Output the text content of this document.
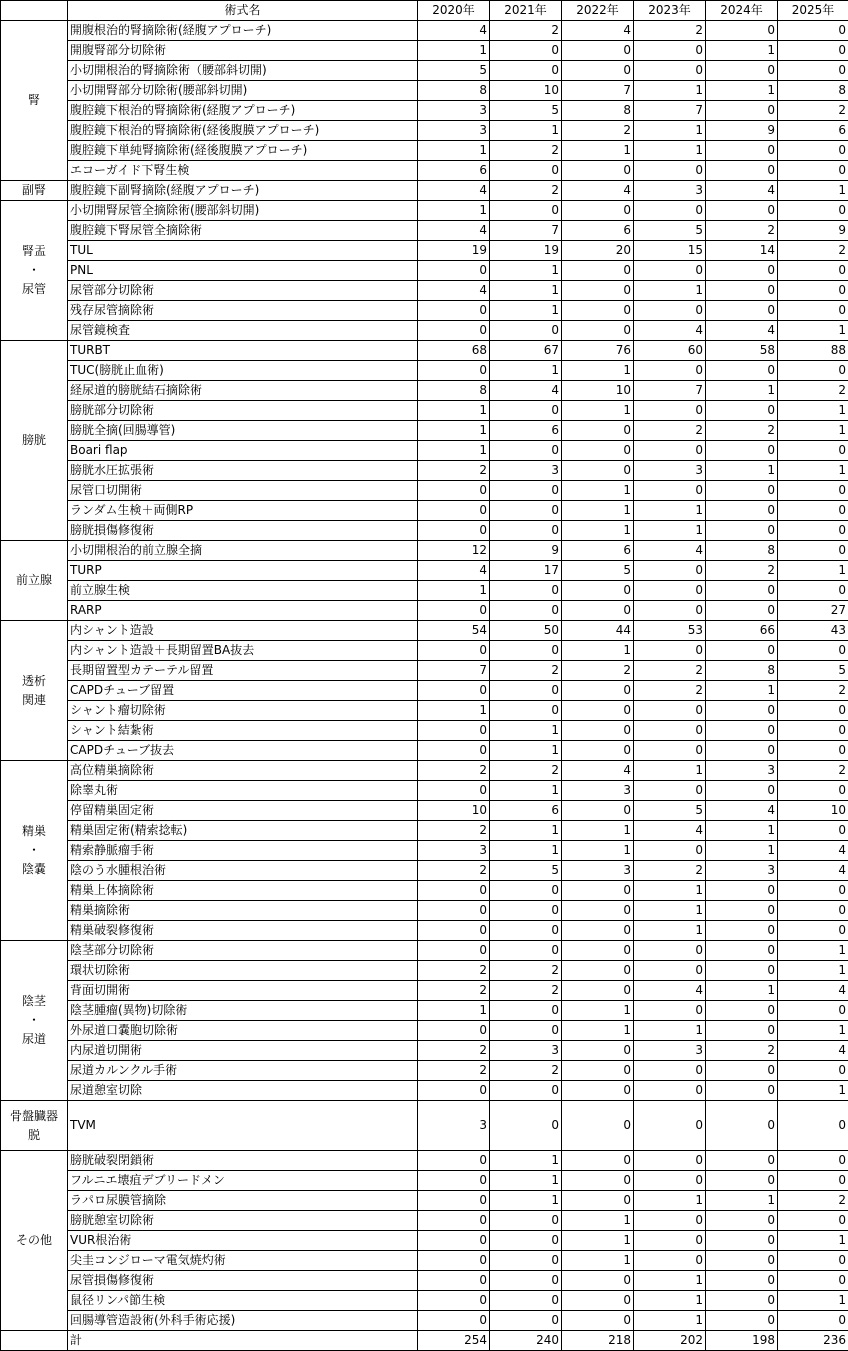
	術式名	2020年	2021年	2022年	2023年	2024年	2025年
腎	開腹根治的腎摘除術(経腹アプローチ)	4	2	4	2	0	0
	開腹腎部分切除術	1	0	0	0	1	0
	小切開根治的腎摘除術（腰部斜切開)	5	0	0	0	0	0
	小切開腎部分切除術(腰部斜切開)	8	10	7	1	1	8
	腹腔鏡下根治的腎摘除術(経腹アプローチ)	3	5	8	7	0	2
	腹腔鏡下根治的腎摘除術(経後腹膜アプローチ)	3	1	2	1	9	6
	腹腔鏡下単純腎摘除術(経後腹膜アプローチ)	1	2	1	1	0	0
	エコーガイド下腎生検	6	0	0	0	0	0
副腎	腹腔鏡下副腎摘除(経腹アプローチ)	4	2	4	3	4	1

腎盂
・
尿管	小切開腎尿管全摘除術(腰部斜切開)	1	0	0	0	0	0
	腹腔鏡下腎尿管全摘除術	4	7	6	5	2	9
	TUL	19	19	20	15	14	2
	PNL	0	1	0	0	0	0
	尿管部分切除術	4	1	0	1	0	0
	残存尿管摘除術	0	1	0	0	0	0
	尿管鏡検査	0	0	0	4	4	1
膀胱	TURBT	68	67	76	60	58	88
	TUC(膀胱止血術)	0	1	1	0	0	0
	経尿道的膀胱結石摘除術	8	4	10	7	1	2
	膀胱部分切除術	1	0	1	0	0	1
	膀胱全摘(回腸導管)	1	6	0	2	2	1
	Boari flap	1	0	0	0	0	0
	膀胱水圧拡張術	2	3	0	3	1	1
	尿管口切開術	0	0	1	0	0	0
	ランダム生検＋両側RP	0	0	1	1	0	0
	膀胱損傷修復術	0	0	1	1	0	0
前立腺	小切開根治的前立腺全摘	12	9	6	4	8	0
	TURP	4	17	5	0	2	1
	前立腺生検	1	0	0	0	0	0
	RARP	0	0	0	0	0	27

透析
関連	内シャント造設	54	50	44	53	66	43
	内シャント造設＋長期留置BA抜去	0	0	1	0	0	0
	長期留置型カテーテル留置	7	2	2	2	8	5
	CAPDチューブ留置	0	0	0	2	1	2
	シャント瘤切除術	1	0	0	0	0	0
	シャント結紮術	0	1	0	0	0	0
	CAPDチューブ抜去	0	1	0	0	0	0

精巣
・
陰嚢	高位精巣摘除術	2	2	4	1	3	2
	除睾丸術	0	1	3	0	0	0
	停留精巣固定術	10	6	0	5	4	10
	精巣固定術(精索捻転)	2	1	1	4	1	0
	精索静脈瘤手術	3	1	1	0	1	4
	陰のう水腫根治術	2	5	3	2	3	4
	精巣上体摘除術	0	0	0	1	0	0
	精巣摘除術	0	0	0	1	0	0
	精巣破裂修復術	0	0	0	1	0	0

陰茎
・
尿道	陰茎部分切除術	0	0	0	0	0	1
	環状切除術	2	2	0	0	0	1
	背面切開術	2	2	0	4	1	4
	陰茎腫瘤(異物)切除術	1	0	1	0	0	0
	外尿道口嚢胞切除術	0	0	1	1	0	1
	内尿道切開術	2	3	0	3	2	4
	尿道カルンクル手術	2	2	0	0	0	0
	尿道憩室切除	0	0	0	0	0	1

骨盤臓器
脱	TVM	3	0	0	0	0	0
その他	膀胱破裂閉鎖術	0	1	0	0	0	0
	フルニエ壊疽デブリードメン	0	1	0	0	0	0
	ラパロ尿膜管摘除	0	1	0	1	1	2
	膀胱憩室切除術	0	0	1	0	0	0
	VUR根治術	0	0	1	0	0	1
	尖圭コンジローマ電気焼灼術	0	0	1	0	0	0
	尿管損傷修復術	0	0	0	1	0	0
	鼠径リンパ節生検	0	0	0	1	0	1
	回腸導管造設術(外科手術応援)	0	0	0	1	0	0
	計	254	240	218	202	198	236
